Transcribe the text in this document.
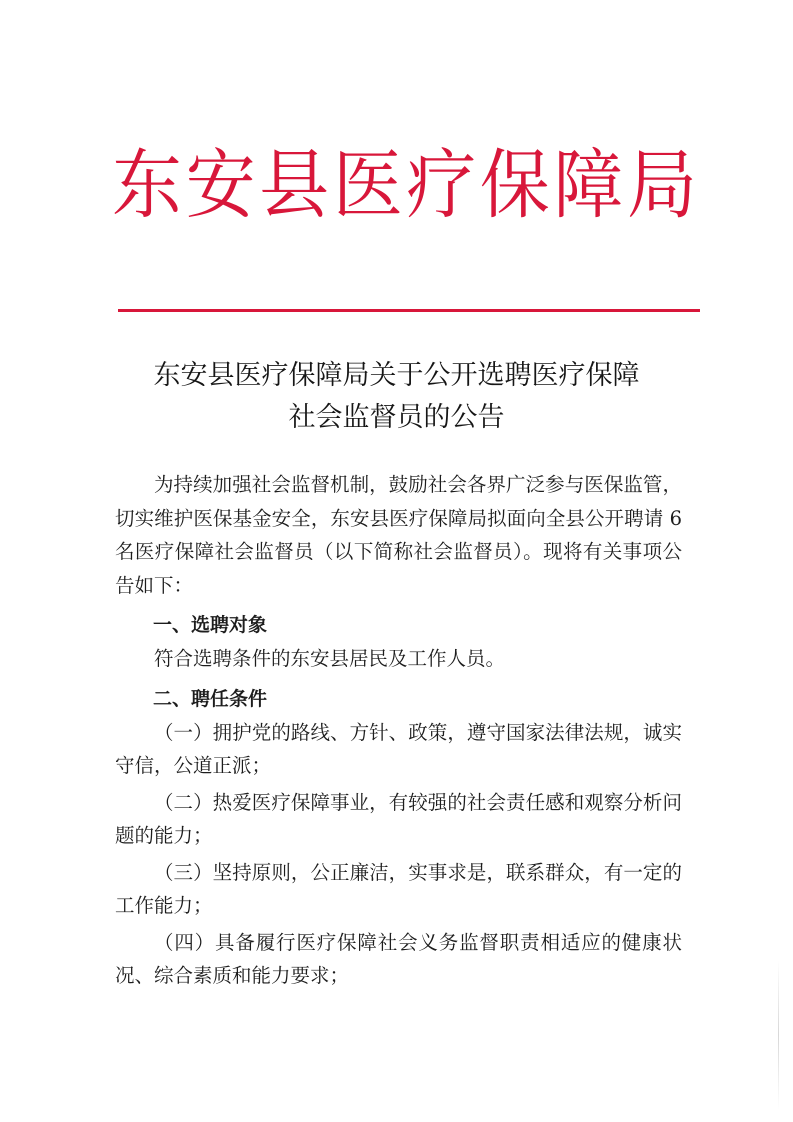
东 安 县 医 疗 保 障 局
东安县医疗保障局关于公开选聘医疗保障
社会监督员的公告

为持续加强社会监督机制，鼓励社会各界广泛参与医保监管，切实维护医保基金安全，东安县医疗保障局拟面向全县公开聘请 6 名医疗保障社会监督员（以下简称社会监督员）。现将有关事项公告如下：

一、选聘对象

符合选聘条件的东安县居民及工作人员。

二、聘任条件

（一）拥护党的路线、方针、政策，遵守国家法律法规，诚实守信，公道正派；

（二）热爱医疗保障事业，有较强的社会责任感和观察分析问题的能力；

（三）坚持原则，公正廉洁，实事求是，联系群众，有一定的工作能力；

（四）具备履行医疗保障社会义务监督职责相适应的健康状况、综合素质和能力要求；
